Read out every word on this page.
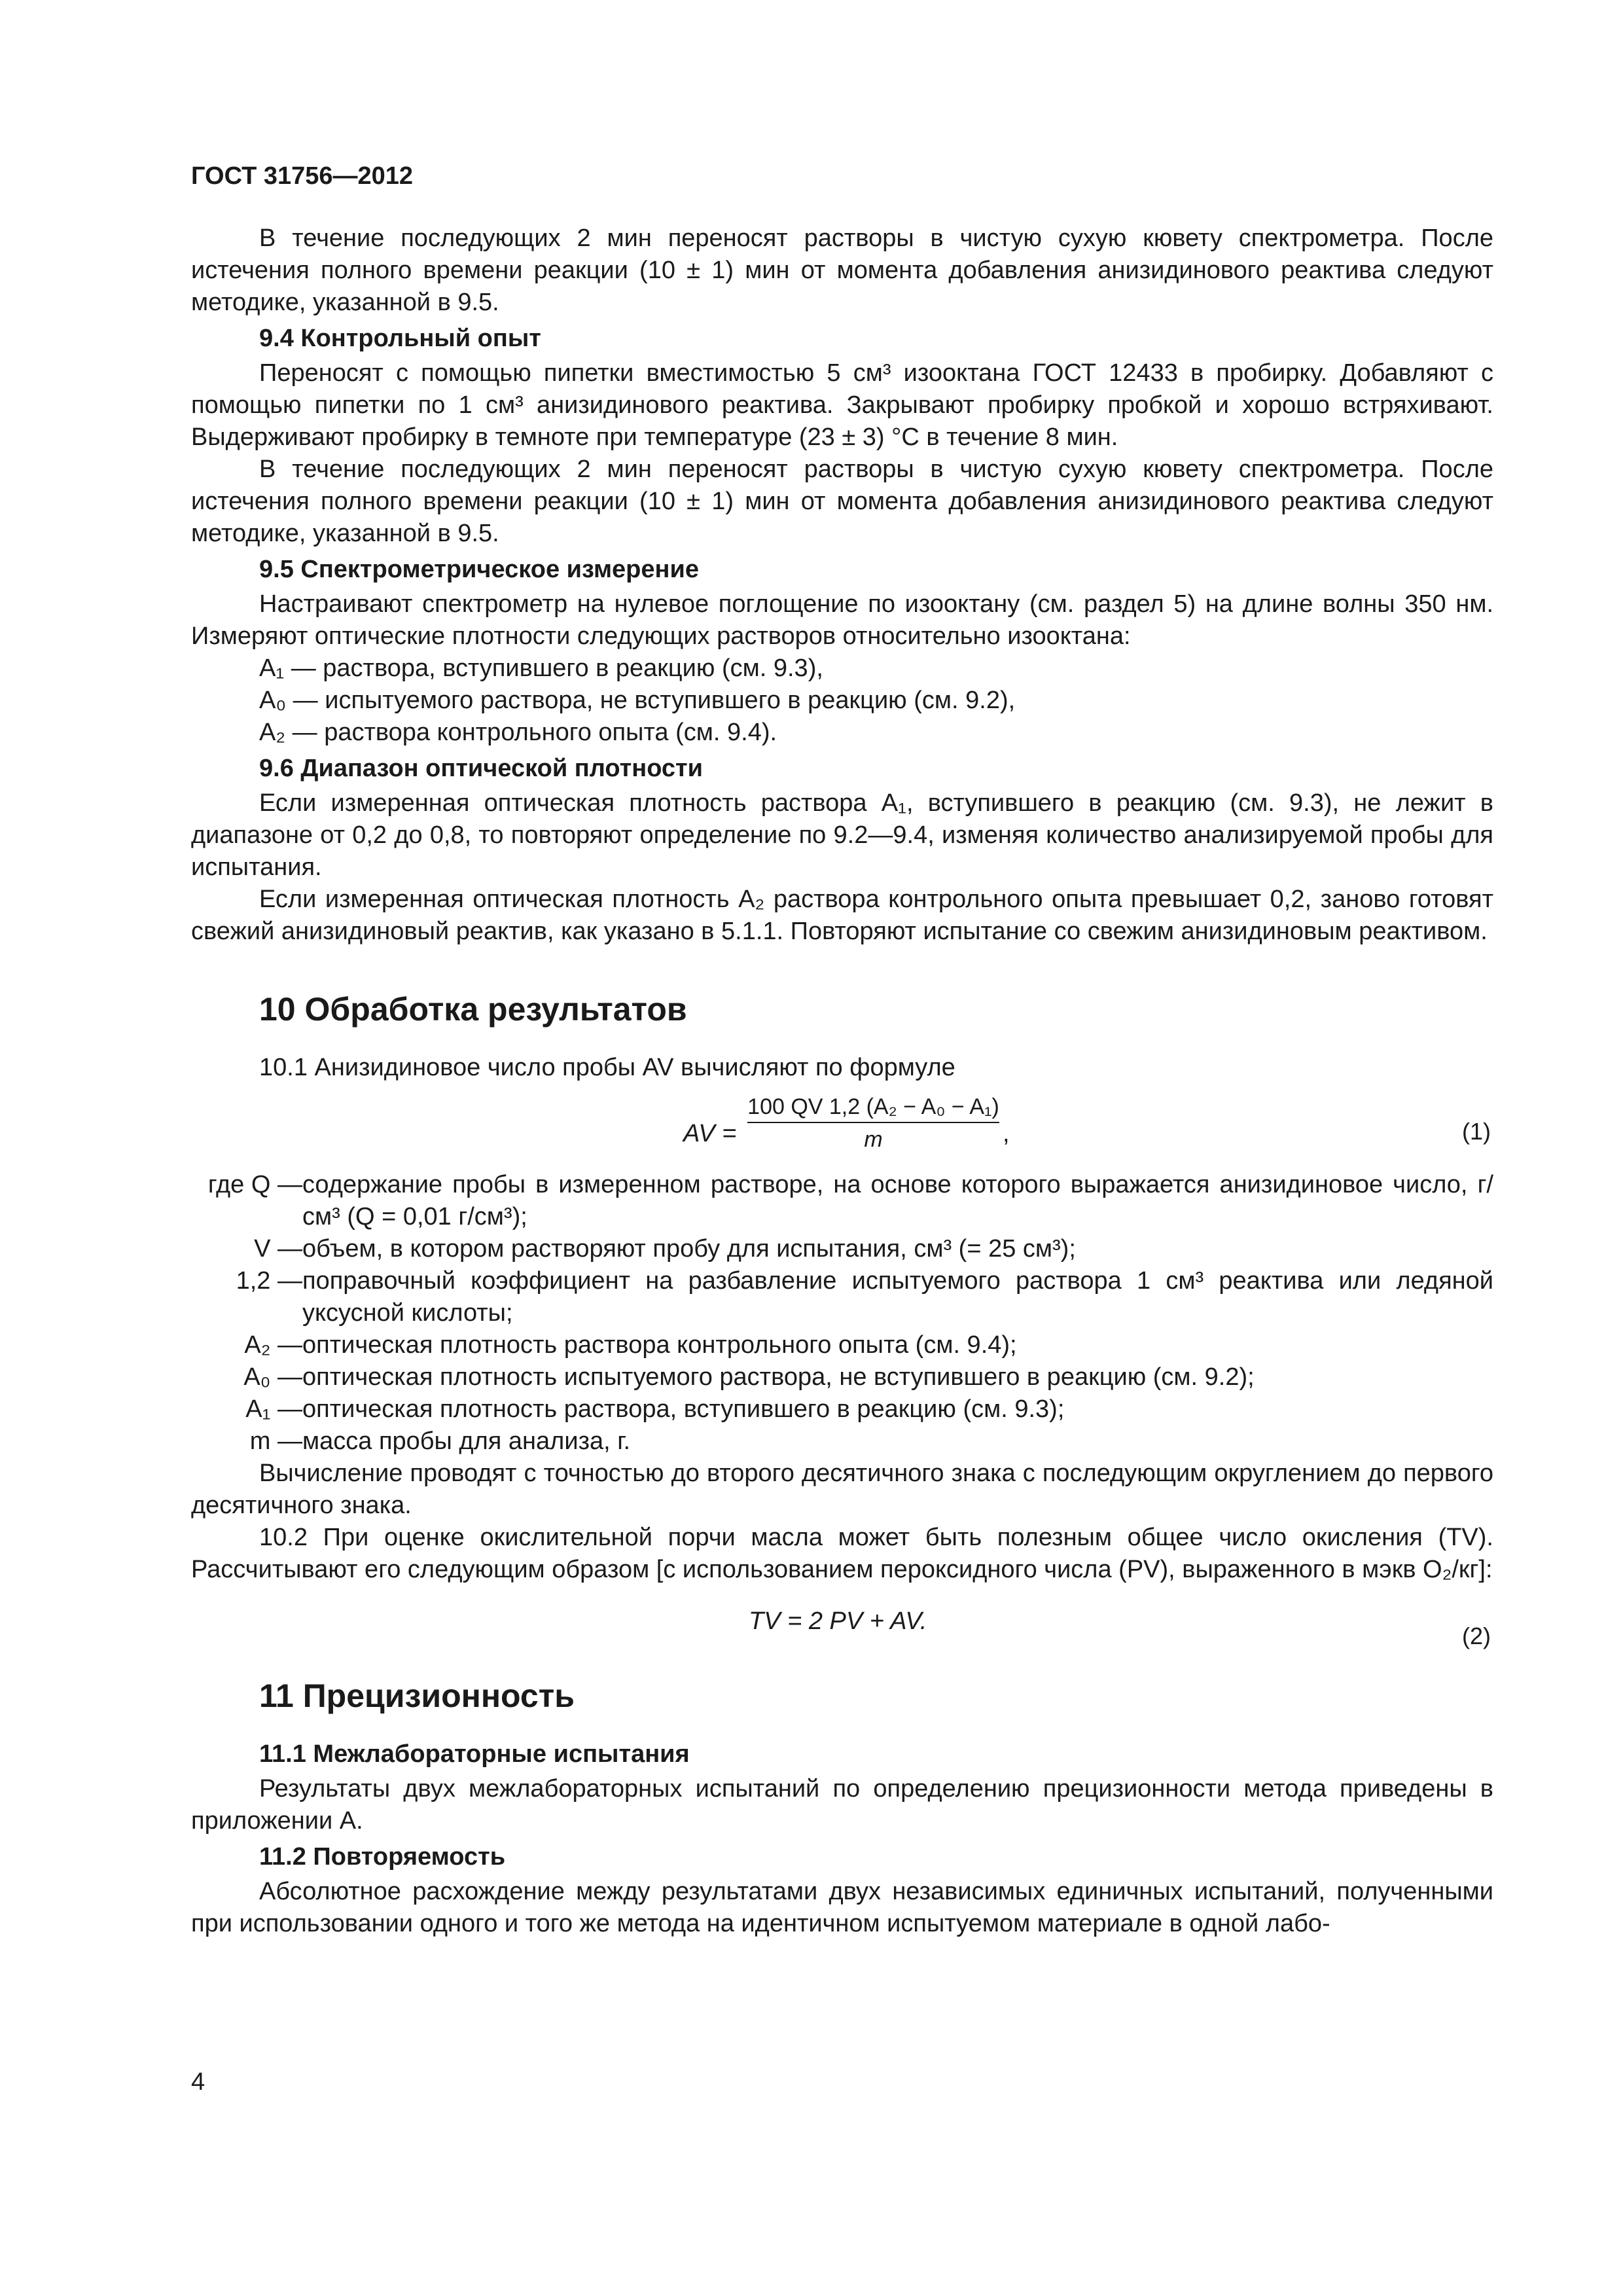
ГОСТ 31756—2012

В течение последующих 2 мин переносят растворы в чистую сухую кювету спектрометра. После истечения полного времени реакции (10 ± 1) мин от момента добавления анизидинового реактива следуют методике, указанной в 9.5.

9.4 Контрольный опыт

Переносят с помощью пипетки вместимостью 5 см³ изооктана ГОСТ 12433 в пробирку. Добавляют с помощью пипетки по 1 см³ анизидинового реактива. Закрывают пробирку пробкой и хорошо встряхивают. Выдерживают пробирку в темноте при температуре (23 ± 3) °С в течение 8 мин.

В течение последующих 2 мин переносят растворы в чистую сухую кювету спектрометра. После истечения полного времени реакции (10 ± 1) мин от момента добавления анизидинового реактива следуют методике, указанной в 9.5.

9.5 Спектрометрическое измерение

Настраивают спектрометр на нулевое поглощение по изооктану (см. раздел 5) на длине волны 350 нм. Измеряют оптические плотности следующих растворов относительно изооктана:

A₁ — раствора, вступившего в реакцию (см. 9.3),

A₀ — испытуемого раствора, не вступившего в реакцию (см. 9.2),

A₂ — раствора контрольного опыта (см. 9.4).

9.6 Диапазон оптической плотности

Если измеренная оптическая плотность раствора A₁, вступившего в реакцию (см. 9.3), не лежит в диапазоне от 0,2 до 0,8, то повторяют определение по 9.2—9.4, изменяя количество анализируемой пробы для испытания.

Если измеренная оптическая плотность A₂ раствора контрольного опыта превышает 0,2, заново готовят свежий анизидиновый реактив, как указано в 5.1.1. Повторяют испытание со свежим анизидиновым реактивом.

10 Обработка результатов

10.1 Анизидиновое число пробы AV вычисляют по формуле

AV = $\frac{\text{100 QV 1,2 (A₂ − A₀ − A₁)}}{m}$ ,	(1)
где Q — содержание пробы в измеренном растворе, на основе которого выражается анизидиновое число, г/см³ (Q = 0,01 г/см³);
V — объем, в котором растворяют пробу для испытания, см³ (= 25 см³);
1,2 — поправочный коэффициент на разбавление испытуемого раствора 1 см³ реактива или ледяной уксусной кислоты;
A₂ — оптическая плотность раствора контрольного опыта (см. 9.4);
A₀ — оптическая плотность испытуемого раствора, не вступившего в реакцию (см. 9.2);
A₁ — оптическая плотность раствора, вступившего в реакцию (см. 9.3);
m — масса пробы для анализа, г.

Вычисление проводят с точностью до второго десятичного знака с последующим округлением до первого десятичного знака.

10.2 При оценке окислительной порчи масла может быть полезным общее число окисления (TV). Рассчитывают его следующим образом [с использованием пероксидного числа (PV), выраженного в мэкв O₂/кг]:

TV = 2 PV + AV.
(2)

11 Прецизионность

11.1 Межлабораторные испытания

Результаты двух межлабораторных испытаний по определению прецизионности метода приведены в приложении А.

11.2 Повторяемость

Абсолютное расхождение между результатами двух независимых единичных испытаний, полученными при использовании одного и того же метода на идентичном испытуемом материале в одной лабо-

4
